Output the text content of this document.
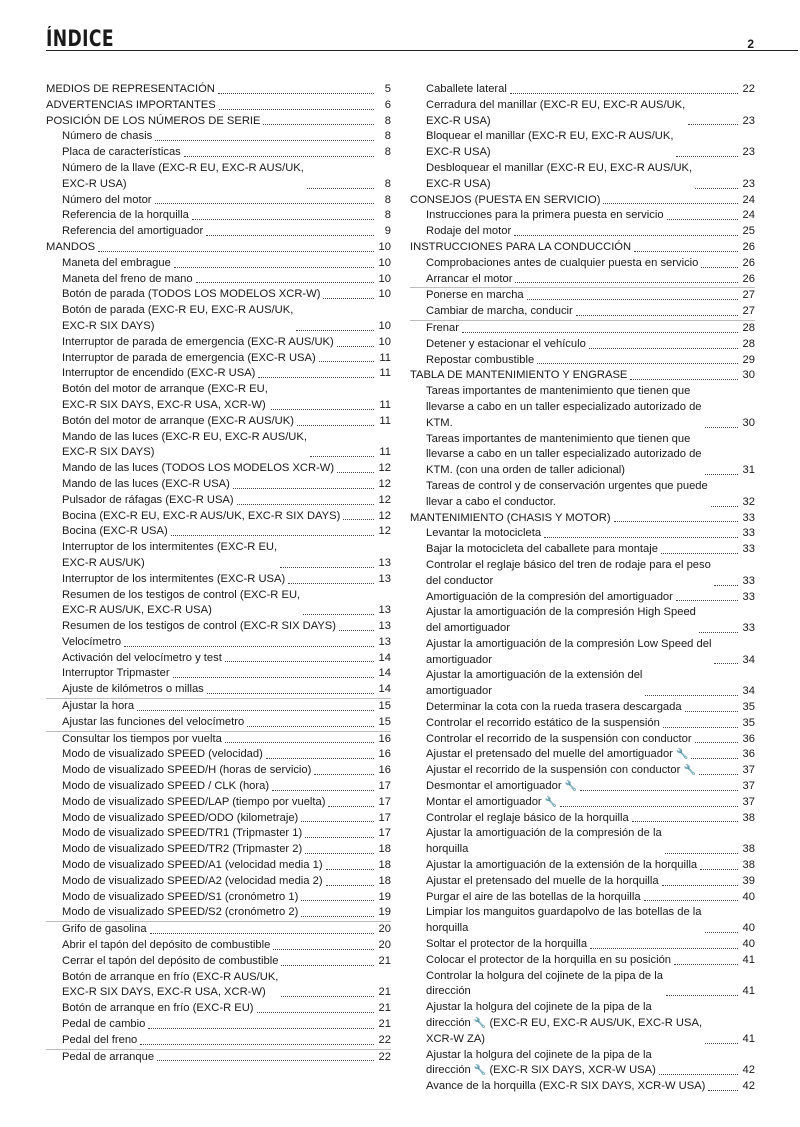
ÍNDICE	2
MEDIOS DE REPRESENTACIÓN	5
ADVERTENCIAS IMPORTANTES	6
POSICIÓN DE LOS NÚMEROS DE SERIE	8
Número de chasis	8
Placa de características	8
Número de la llave (EXC-R EU, EXC-R AUS/UK,
EXC-R USA)	8
Número del motor	8
Referencia de la horquilla	8
Referencia del amortiguador	9
MANDOS	10
Maneta del embrague	10
Maneta del freno de mano	10
Botón de parada (TODOS LOS MODELOS XCR-W)	10
Botón de parada (EXC-R EU, EXC-R AUS/UK,
EXC-R SIX DAYS)	10
Interruptor de parada de emergencia (EXC-R AUS/UK)	10
Interruptor de parada de emergencia (EXC-R USA)	11
Interruptor de encendido (EXC-R USA)	11
Botón del motor de arranque (EXC-R EU,
EXC-R SIX DAYS, EXC-R USA, XCR-W)	11
Botón del motor de arranque (EXC-R AUS/UK)	11
Mando de las luces (EXC-R EU, EXC-R AUS/UK,
EXC-R SIX DAYS)	11
Mando de las luces (TODOS LOS MODELOS XCR-W)	12
Mando de las luces (EXC-R USA)	12
Pulsador de ráfagas (EXC-R USA)	12
Bocina (EXC-R EU, EXC-R AUS/UK, EXC-R SIX DAYS)	12
Bocina (EXC-R USA)	12
Interruptor de los intermitentes (EXC-R EU,
EXC-R AUS/UK)	13
Interruptor de los intermitentes (EXC-R USA)	13
Resumen de los testigos de control (EXC-R EU,
EXC-R AUS/UK, EXC-R USA)	13
Resumen de los testigos de control (EXC-R SIX DAYS)	13
Velocímetro	13
Activación del velocímetro y test	14
Interruptor Tripmaster	14
Ajuste de kilómetros o millas	14
Ajustar la hora	15
Ajustar las funciones del velocímetro	15
Consultar los tiempos por vuelta	16
Modo de visualizado SPEED (velocidad)	16
Modo de visualizado SPEED/H (horas de servicio)	16
Modo de visualizado SPEED / CLK (hora)	17
Modo de visualizado SPEED/LAP (tiempo por vuelta)	17
Modo de visualizado SPEED/ODO (kilometraje)	17
Modo de visualizado SPEED/TR1 (Tripmaster 1)	17
Modo de visualizado SPEED/TR2 (Tripmaster 2)	18
Modo de visualizado SPEED/A1 (velocidad media 1)	18
Modo de visualizado SPEED/A2 (velocidad media 2)	18
Modo de visualizado SPEED/S1 (cronómetro 1)	19
Modo de visualizado SPEED/S2 (cronómetro 2)	19
Grifo de gasolina	20
Abrir el tapón del depósito de combustible	20
Cerrar el tapón del depósito de combustible	21
Botón de arranque en frío (EXC-R AUS/UK,
EXC-R SIX DAYS, EXC-R USA, XCR-W)	21
Botón de arranque en frío (EXC-R EU)	21
Pedal de cambio	21
Pedal del freno	22
Pedal de arranque	22
Caballete lateral	22
Cerradura del manillar (EXC-R EU, EXC-R AUS/UK,
EXC-R USA)	23
Bloquear el manillar (EXC-R EU, EXC-R AUS/UK,
EXC-R USA)	23
Desbloquear el manillar (EXC-R EU, EXC-R AUS/UK,
EXC-R USA)	23
CONSEJOS (PUESTA EN SERVICIO)	24
Instrucciones para la primera puesta en servicio	24
Rodaje del motor	25
INSTRUCCIONES PARA LA CONDUCCIÓN	26
Comprobaciones antes de cualquier puesta en servicio	26
Arrancar el motor	26
Ponerse en marcha	27
Cambiar de marcha, conducir	27
Frenar	28
Detener y estacionar el vehículo	28
Repostar combustible	29
TABLA DE MANTENIMIENTO Y ENGRASE	30
Tareas importantes de mantenimiento que tienen que
llevarse a cabo en un taller especializado autorizado de
KTM.	30
Tareas importantes de mantenimiento que tienen que
llevarse a cabo en un taller especializado autorizado de
KTM. (con una orden de taller adicional)	31
Tareas de control y de conservación urgentes que puede
llevar a cabo el conductor.	32
MANTENIMIENTO (CHASIS Y MOTOR)	33
Levantar la motocicleta	33
Bajar la motocicleta del caballete para montaje	33
Controlar el reglaje básico del tren de rodaje para el peso
del conductor	33
Amortiguación de la compresión del amortiguador	33
Ajustar la amortiguación de la compresión High Speed
del amortiguador	33
Ajustar la amortiguación de la compresión Low Speed del
amortiguador	34
Ajustar la amortiguación de la extensión del
amortiguador	34
Determinar la cota con la rueda trasera descargada	35
Controlar el recorrido estático de la suspensión	35
Controlar el recorrido de la suspensión con conductor	36
Ajustar el pretensado del muelle del amortiguador 🔧	36
Ajustar el recorrido de la suspensión con conductor 🔧	37
Desmontar el amortiguador 🔧	37
Montar el amortiguador 🔧	37
Controlar el reglaje básico de la horquilla	38
Ajustar la amortiguación de la compresión de la
horquilla	38
Ajustar la amortiguación de la extensión de la horquilla	38
Ajustar el pretensado del muelle de la horquilla	39
Purgar el aire de las botellas de la horquilla	40
Limpiar los manguitos guardapolvo de las botellas de la
horquilla	40
Soltar el protector de la horquilla	40
Colocar el protector de la horquilla en su posición	41
Controlar la holgura del cojinete de la pipa de la
dirección	41
Ajustar la holgura del cojinete de la pipa de la
dirección 🔧 (EXC-R EU, EXC-R AUS/UK, EXC-R USA,
XCR-W ZA)	41
Ajustar la holgura del cojinete de la pipa de la
dirección 🔧 (EXC-R SIX DAYS, XCR-W USA)	42
Avance de la horquilla (EXC-R SIX DAYS, XCR-W USA)	42
